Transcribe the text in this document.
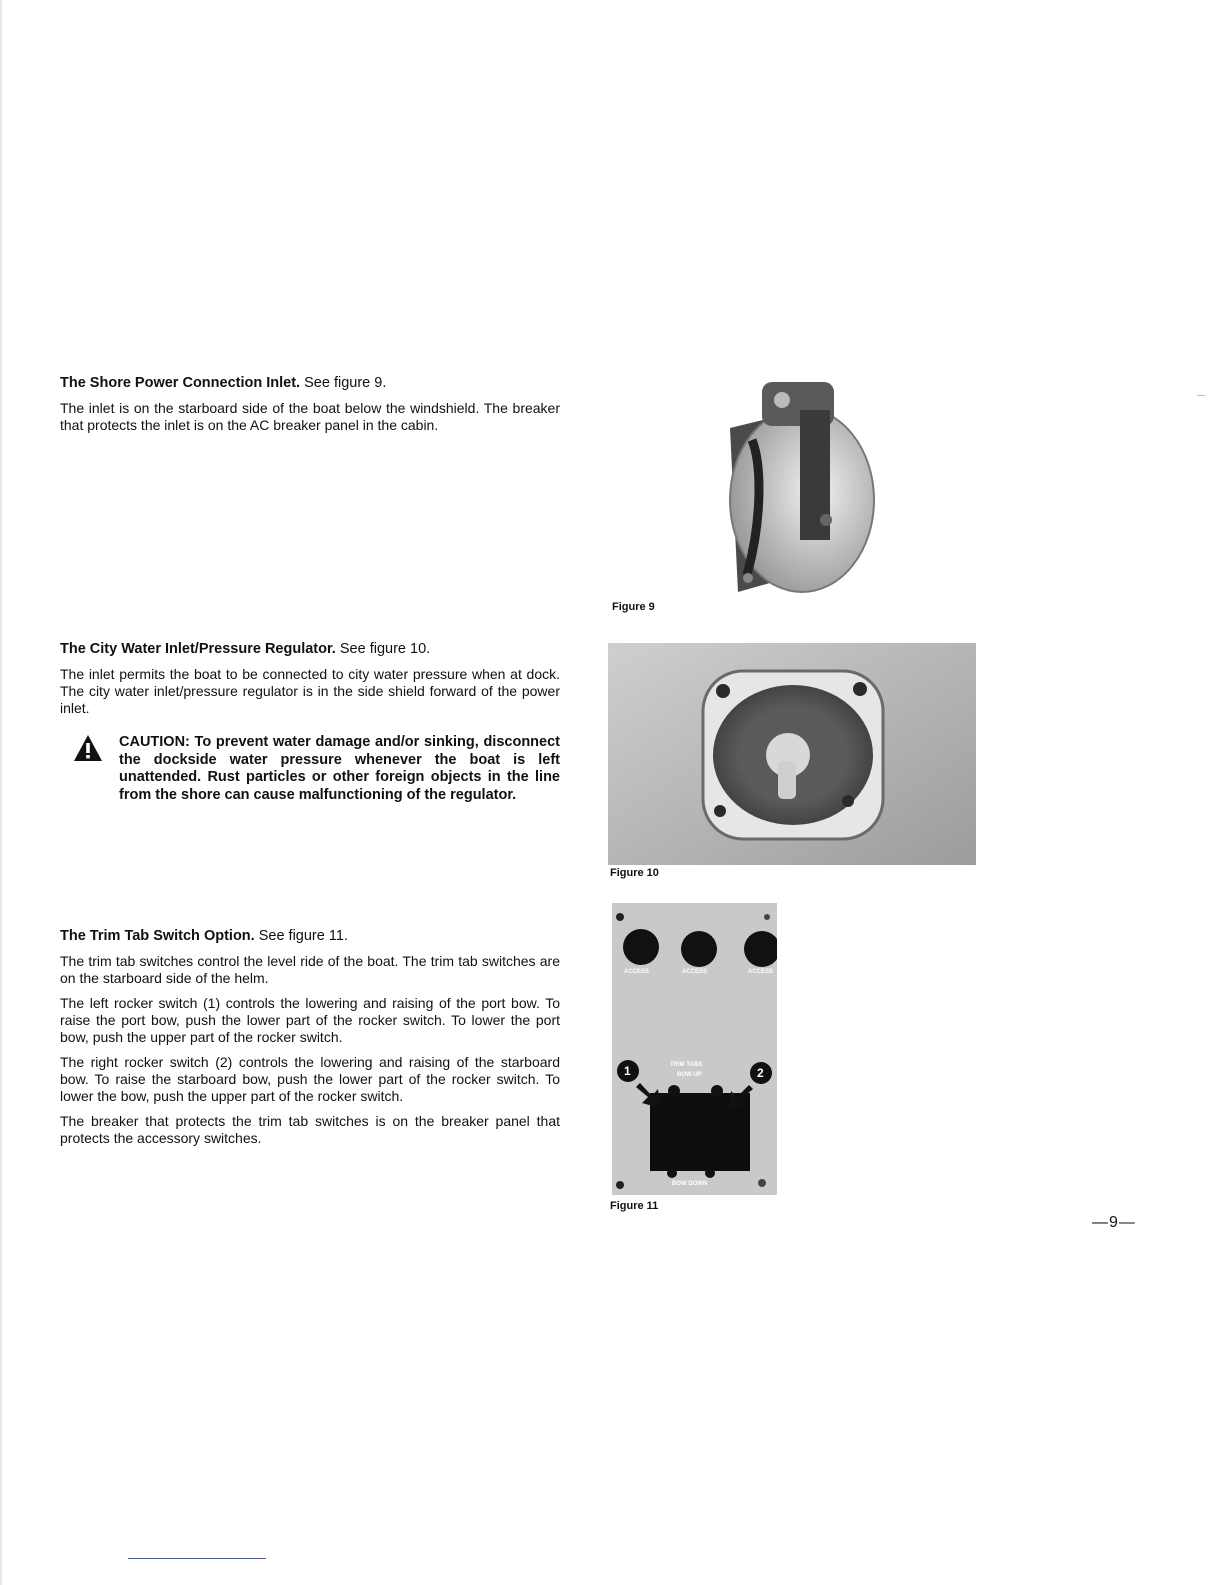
The Shore Power Connection Inlet. See figure 9.

The inlet is on the starboard side of the boat below the windshield. The breaker that protects the inlet is on the AC breaker panel in the cabin.

The City Water Inlet/Pressure Regulator. See figure 10.

The inlet permits the boat to be connected to city water pressure when at dock. The city water inlet/pressure regulator is in the side shield forward of the power inlet.

CAUTION: To prevent water damage and/or sinking, disconnect the dockside water pressure whenever the boat is left unattended. Rust particles or other foreign objects in the line from the shore can cause malfunctioning of the regulator.

The Trim Tab Switch Option. See figure 11.

The trim tab switches control the level ride of the boat. The trim tab switches are on the starboard side of the helm.

The left rocker switch (1) controls the lowering and raising of the port bow. To raise the port bow, push the lower part of the rocker switch. To lower the port bow, push the upper part of the rocker switch.

The right rocker switch (2) controls the lowering and raising of the starboard bow. To raise the starboard bow, push the lower part of the rocker switch. To lower the bow, push the upper part of the rocker switch.

The breaker that protects the trim tab switches is on the breaker panel that protects the accessory switches.

Figure 9
Figure 10
ACCESS	ACCESS	ACCESS
TRIM TABS
BOW UP
BOW DOWN
1	2
Figure 11
—9—
